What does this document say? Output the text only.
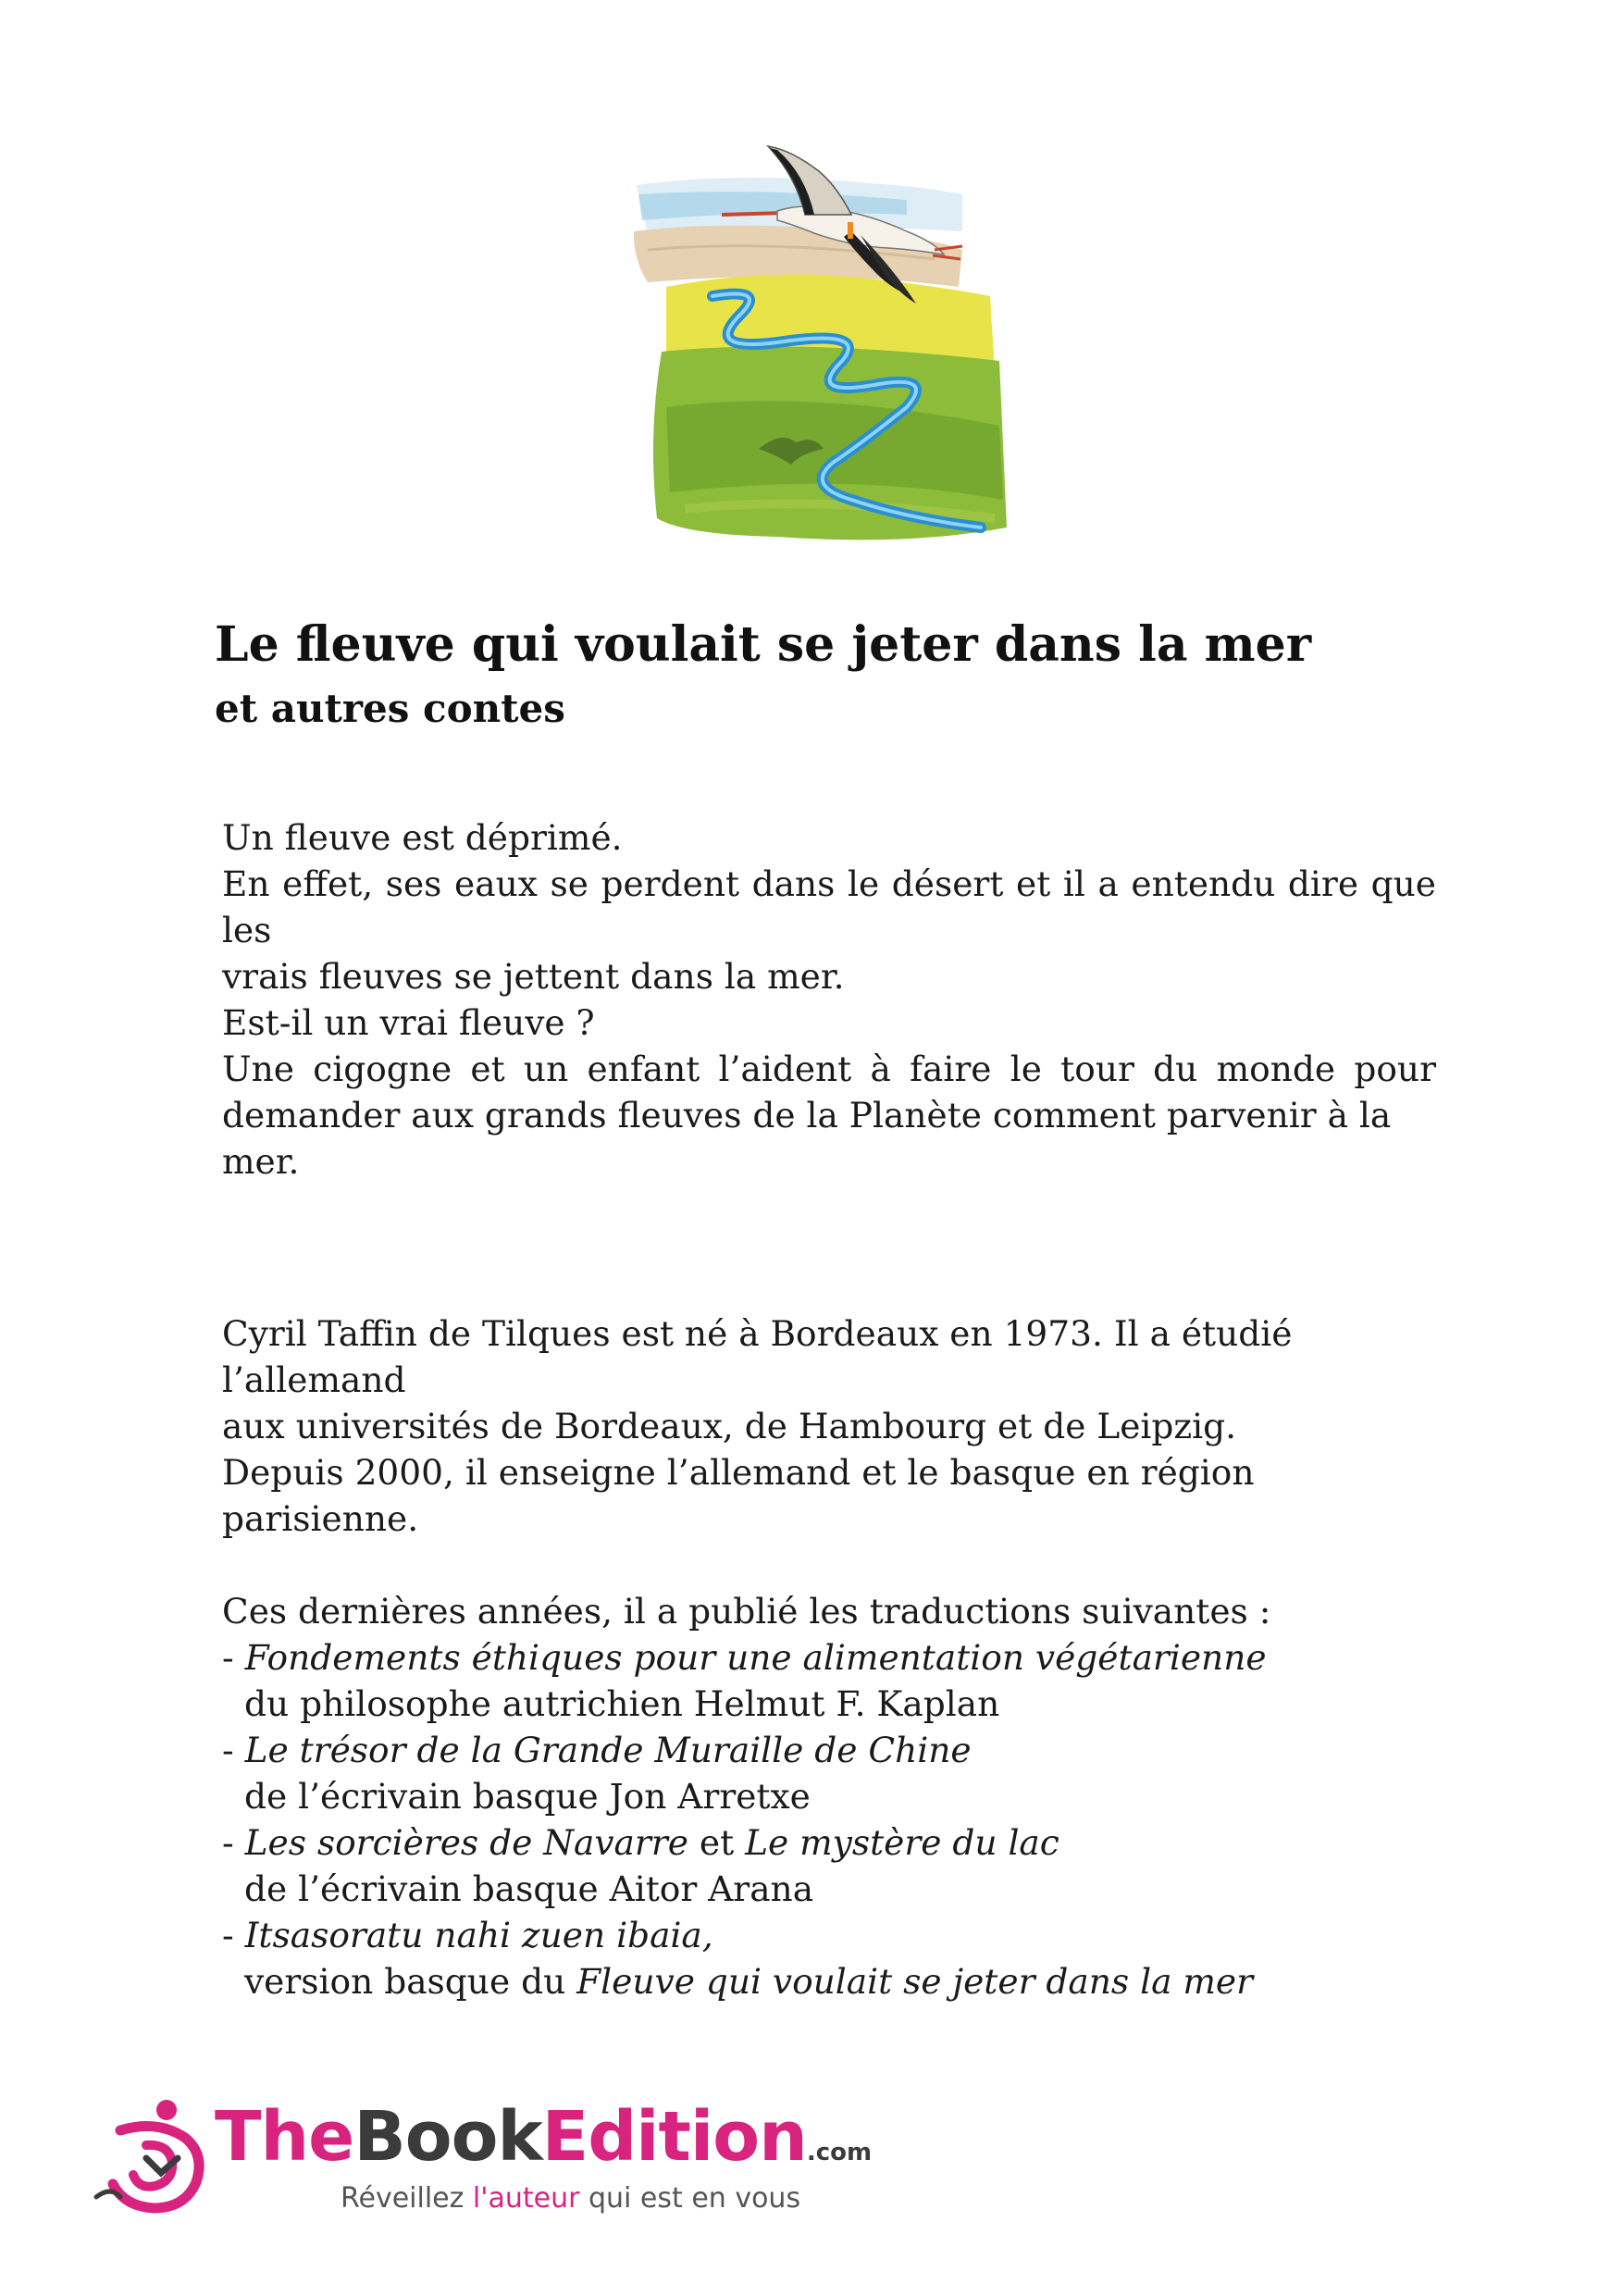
Le fleuve qui voulait se jeter dans la mer
et autres contes

Un fleuve est déprimé.

En effet, ses eaux se perdent dans le désert et il a entendu dire que les

vrais fleuves se jettent dans la mer.

Est-il un vrai fleuve ?

Une cigogne et un enfant l’aident à faire le tour du monde pour

demander aux grands fleuves de la Planète comment parvenir à la mer.

Cyril Taffin de Tilques est né à Bordeaux en 1973. Il a étudié l’allemand

aux universités de Bordeaux, de Hambourg et de Leipzig.

Depuis 2000, il enseigne l’allemand et le basque en région parisienne.

Ces dernières années, il a publié les traductions suivantes :

- Fondements éthiques pour une alimentation végétarienne

du philosophe autrichien Helmut F. Kaplan

- Le trésor de la Grande Muraille de Chine

de l’écrivain basque Jon Arretxe

- Les sorcières de Navarre et Le mystère du lac

de l’écrivain basque Aitor Arana

- Itsasoratu nahi zuen ibaia,

version basque du Fleuve qui voulait se jeter dans la mer

TheBookEdition.com
Réveillez l'auteur qui est en vous
